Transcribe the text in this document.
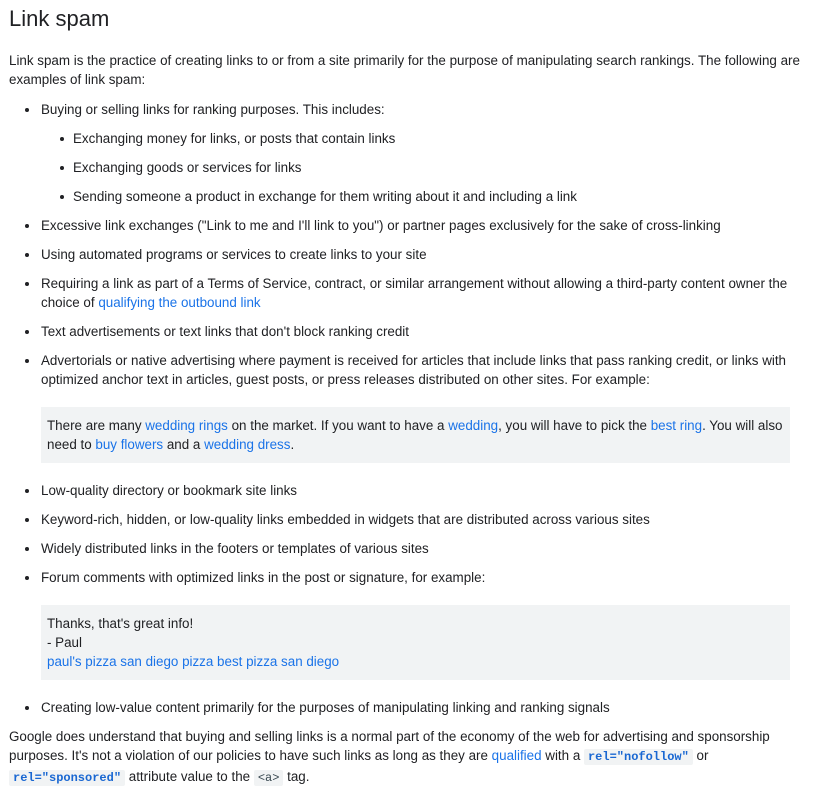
Link spam

Link spam is the practice of creating links to or from a site primarily for the purpose of manipulating search rankings. The following are examples of link spam:

Buying or selling links for ranking purposes. This includes:
Exchanging money for links, or posts that contain links
Exchanging goods or services for links
Sending someone a product in exchange for them writing about it and including a link
Excessive link exchanges ("Link to me and I'll link to you") or partner pages exclusively for the sake of cross-linking
Using automated programs or services to create links to your site
Requiring a link as part of a Terms of Service, contract, or similar arrangement without allowing a third-party content owner the choice of qualifying the outbound link
Text advertisements or text links that don't block ranking credit
Advertorials or native advertising where payment is received for articles that include links that pass ranking credit, or links with optimized anchor text in articles, guest posts, or press releases distributed on other sites. For example:
There are many wedding rings on the market. If you want to have a wedding, you will have to pick the best ring. You will also need to buy flowers and a wedding dress.
Low-quality directory or bookmark site links
Keyword-rich, hidden, or low-quality links embedded in widgets that are distributed across various sites
Widely distributed links in the footers or templates of various sites
Forum comments with optimized links in the post or signature, for example:
Thanks, that's great info!
- Paul
paul's pizza san diego pizza best pizza san diego
Creating low-value content primarily for the purposes of manipulating linking and ranking signals

Google does understand that buying and selling links is a normal part of the economy of the web for advertising and sponsorship purposes. It's not a violation of our policies to have such links as long as they are qualified with a rel="nofollow" or rel="sponsored" attribute value to the <a> tag.
